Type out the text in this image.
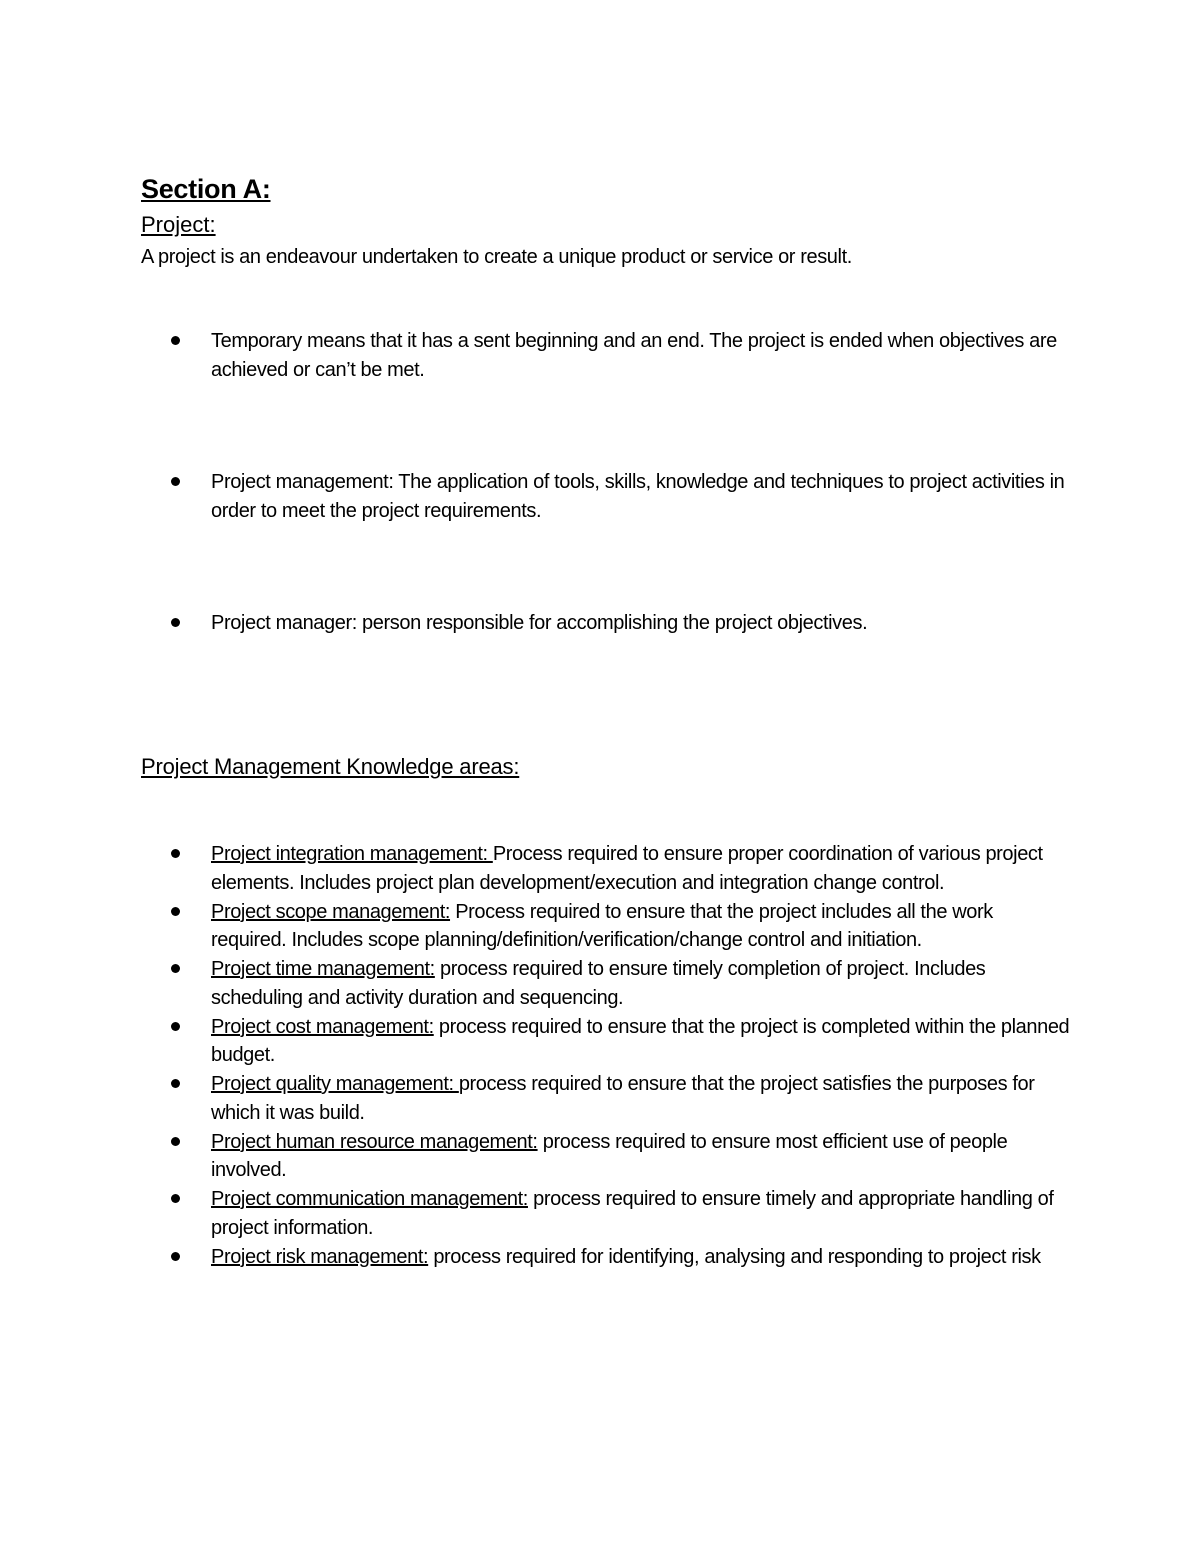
Section A:
Project:

A project is an endeavour undertaken to create a unique product or service or result.

Temporary means that it has a sent beginning and an end. The project is ended when objectives are achieved or can’t be met.
Project management: The application of tools, skills, knowledge and techniques to project activities in order to meet the project requirements.
Project manager: person responsible for accomplishing the project objectives.
Project Management Knowledge areas:
Project integration management: Process required to ensure proper coordination of various project elements. Includes project plan development/execution and integration change control.
Project scope management: Process required to ensure that the project includes all the work required. Includes scope planning/definition/verification/change control and initiation.
Project time management: process required to ensure timely completion of project. Includes scheduling and activity duration and sequencing.
Project cost management: process required to ensure that the project is completed within the planned budget.
Project quality management: process required to ensure that the project satisfies the purposes for which it was build.
Project human resource management: process required to ensure most efficient use of people involved.
Project communication management: process required to ensure timely and appropriate handling of project information.
Project risk management: process required for identifying, analysing and responding to project risk
